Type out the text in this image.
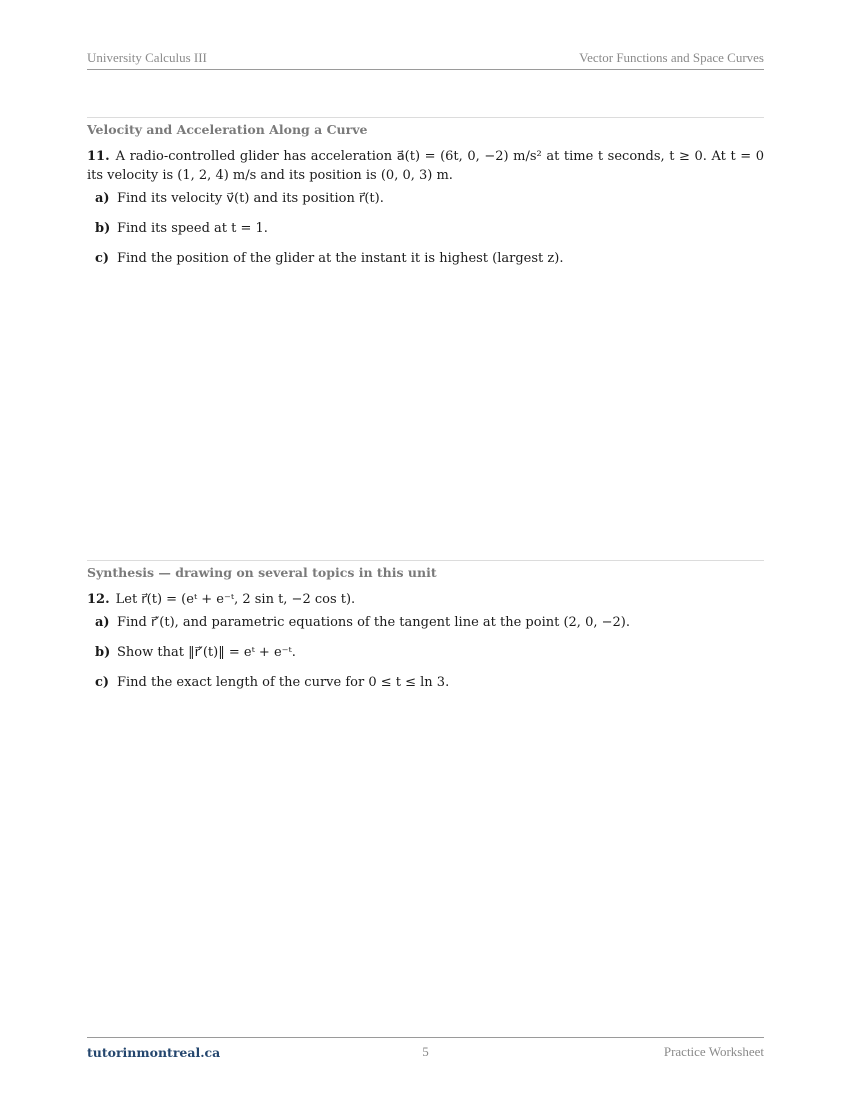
University Calculus III	Vector Functions and Space Curves
Velocity and Acceleration Along a Curve
11. A radio-controlled glider has acceleration a⃗(t) = (6t, 0, −2) m/s² at time t seconds, t ≥ 0. At t = 0 its velocity is (1, 2, 4) m/s and its position is (0, 0, 3) m.
a) Find its velocity v⃗(t) and its position r⃗(t).
b) Find its speed at t = 1.
c) Find the position of the glider at the instant it is highest (largest z).
Synthesis — drawing on several topics in this unit
12. Let r⃗(t) = (eᵗ + e⁻ᵗ, 2 sin t, −2 cos t).
a) Find r⃗′(t), and parametric equations of the tangent line at the point (2, 0, −2).
b) Show that ‖r⃗′(t)‖ = eᵗ + e⁻ᵗ.
c) Find the exact length of the curve for 0 ≤ t ≤ ln 3.
tutorinmontreal.ca	5	Practice Worksheet
